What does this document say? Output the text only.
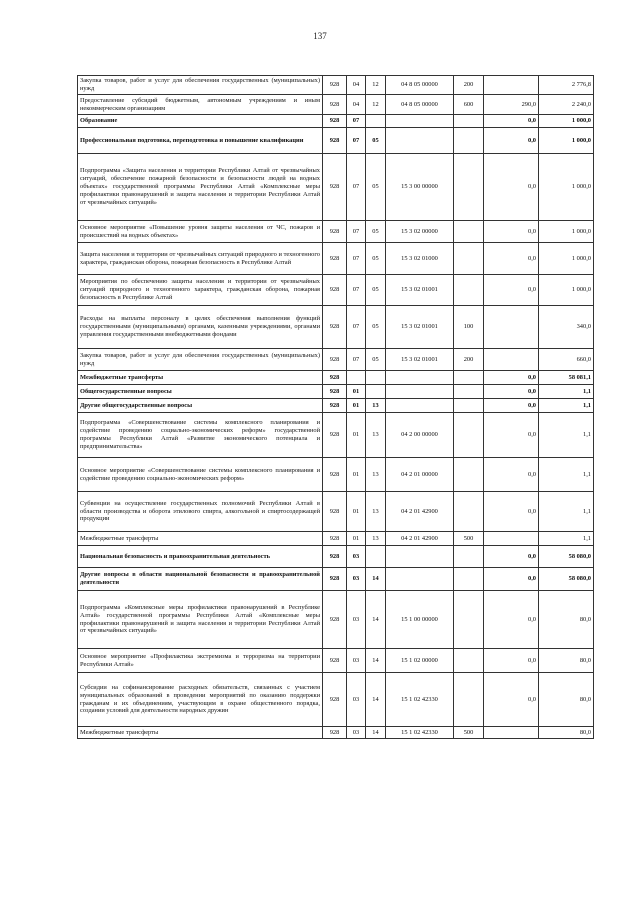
137
Закупка товаров, работ и услуг для обеспечения государственных (муниципальных) нужд	928	04	12	04 8 05 00000	200		2 776,8
Предоставление субсидий бюджетным, автономным учреждениям и иным некоммерческим организациям	928	04	12	04 8 05 00000	600	290,0	2 240,0
Образование	928	07				0,0	1 000,0
Профессиональная подготовка, переподготовка и повышение квалификации	928	07	05			0,0	1 000,0
Подпрограмма «Защита населения и территории Республики Алтай от чрезвычайных ситуаций, обеспечение пожарной безопасности и безопасности людей на водных объектах» государственной программы Республики Алтай «Комплексные меры профилактики правонарушений и защита населения и территории Республики Алтай от чрезвычайных ситуаций»	928	07	05	15 3 00 00000		0,0	1 000,0
Основное мероприятие «Повышение уровня защиты населения от ЧС, пожаров и происшествий на водных объектах»	928	07	05	15 3 02 00000		0,0	1 000,0
Защита населения и территории от чрезвычайных ситуаций природного и техногенного характера, гражданская оборона, пожарная безопасность в Республике Алтай	928	07	05	15 3 02 01000		0,0	1 000,0
Мероприятия по обеспечению защиты населения и территории от чрезвычайных ситуаций природного и техногенного характера, гражданская оборона, пожарная безопасность в Республике Алтай	928	07	05	15 3 02 01001		0,0	1 000,0
Расходы на выплаты персоналу в целях обеспечения выполнения функций государственными (муниципальными) органами, казенными учреждениями, органами управления государственными внебюджетными фондами	928	07	05	15 3 02 01001	100		340,0
Закупка товаров, работ и услуг для обеспечения государственных (муниципальных) нужд	928	07	05	15 3 02 01001	200		660,0
Межбюджетные трансферты	928					0,0	58 081,1
Общегосударственные вопросы	928	01				0,0	1,1
Другие общегосударственные вопросы	928	01	13			0,0	1,1
Подпрограмма «Совершенствование системы комплексного планирования и содействие проведению социально-экономических реформ» государственной программы Республики Алтай «Развитие экономического потенциала и предпринимательства»	928	01	13	04 2 00 00000		0,0	1,1
Основное мероприятие «Совершенствование системы комплексного планирования и содействие проведению социально-экономических реформ»	928	01	13	04 2 01 00000		0,0	1,1
Субвенции на осуществление государственных полномочий Республики Алтай в области производства и оборота этилового спирта, алкогольной и спиртосодержащей продукции	928	01	13	04 2 01 42900		0,0	1,1
Межбюджетные трансферты	928	01	13	04 2 01 42900	500		1,1
Национальная безопасность и правоохранительная деятельность	928	03				0,0	58 080,0
Другие вопросы в области национальной безопасности и правоохранительной деятельности	928	03	14			0,0	58 080,0
Подпрограмма «Комплексные меры профилактики правонарушений в Республике Алтай» государственной программы Республики Алтай «Комплексные меры профилактики правонарушений и защита населения и территории Республики Алтай от чрезвычайных ситуаций»	928	03	14	15 1 00 00000		0,0	80,0
Основное мероприятие «Профилактика экстремизма и терроризма на территории Республики Алтай»	928	03	14	15 1 02 00000		0,0	80,0
Субсидии на софинансирование расходных обязательств, связанных с участием муниципальных образований в проведении мероприятий по оказанию поддержки гражданам и их объединениям, участвующим в охране общественного порядка, создании условий для деятельности народных дружин	928	03	14	15 1 02 42330		0,0	80,0
Межбюджетные трансферты	928	03	14	15 1 02 42330	500		80,0
